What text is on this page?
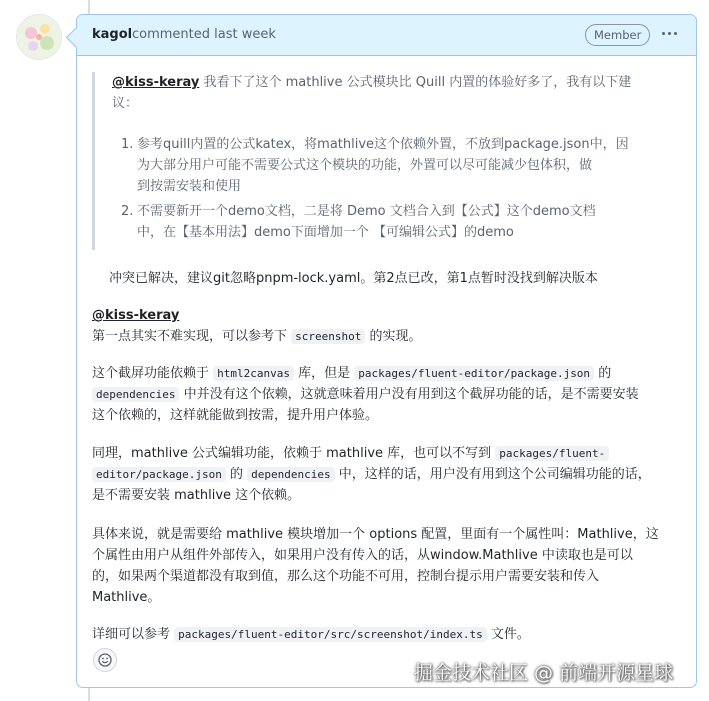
kagol commented last week	Member
@kiss-keray 我看下了这个 mathlive 公式模块比 Quill 内置的体验好多了，我有以下建议：
1. 参考quill内置的公式katex，将mathlive这个依赖外置，不放到package.json中，因
为大部分用户可能不需要公式这个模块的功能，外置可以尽可能减少包体积，做
到按需安装和使用
2. 不需要新开一个demo文档，二是将 Demo 文档合入到【公式】这个demo文档
中，在【基本用法】demo下面增加一个 【可编辑公式】的demo
冲突已解决，建议git忽略pnpm-lock.yaml。第2点已改，第1点暂时没找到解决版本

@kiss-keray
第一点其实不难实现，可以参考下 screenshot 的实现。

这个截屏功能依赖于 html2canvas 库，但是 packages/fluent-editor/package.json 的
dependencies 中并没有这个依赖，这就意味着用户没有用到这个截屏功能的话，是不需要安装
这个依赖的，这样就能做到按需，提升用户体验。

同理，mathlive 公式编辑功能，依赖于 mathlive 库，也可以不写到 packages/fluent-
editor/package.json 的 dependencies 中，这样的话，用户没有用到这个公司编辑功能的话，
是不需要安装 mathlive 这个依赖。

具体来说，就是需要给 mathlive 模块增加一个 options 配置，里面有一个属性叫：Mathlive，这
个属性由用户从组件外部传入，如果用户没有传入的话，从window.Mathlive 中读取也是可以
的，如果两个渠道都没有取到值，那么这个功能不可用，控制台提示用户需要安装和传入
Mathlive。

详细可以参考 packages/fluent-editor/src/screenshot/index.ts 文件。

掘金技术社区 @ 前端开源星球
